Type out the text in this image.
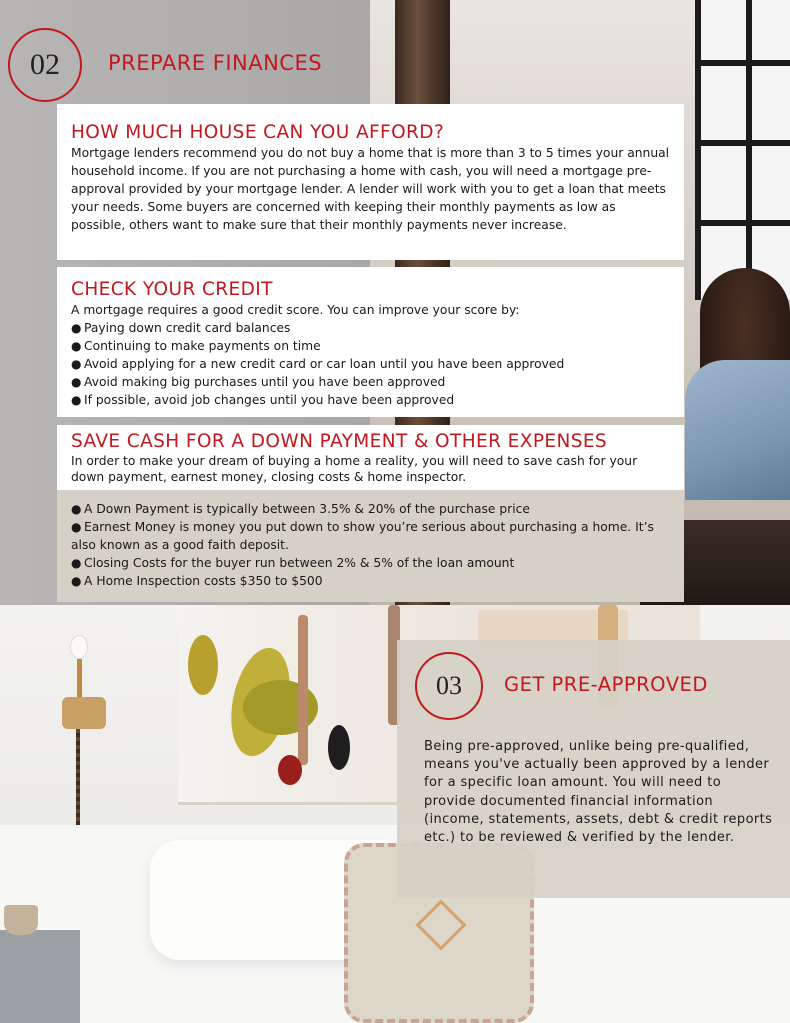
02 PREPARE FINANCES
HOW MUCH HOUSE CAN YOU AFFORD?

Mortgage lenders recommend you do not buy a home that is more than 3 to 5 times your annual household income. If you are not purchasing a home with cash, you will need a mortgage pre-approval provided by your mortgage lender. A lender will work with you to get a loan that meets your needs. Some buyers are concerned with keeping their monthly payments as low as possible, others want to make sure that their monthly payments never increase.

CHECK YOUR CREDIT

A mortgage requires a good credit score. You can improve your score by:

● Paying down credit card balances
● Continuing to make payments on time
● Avoid applying for a new credit card or car loan until you have been approved
● Avoid making big purchases until you have been approved
● If possible, avoid job changes until you have been approved
SAVE CASH FOR A DOWN PAYMENT & OTHER EXPENSES

In order to make your dream of buying a home a reality, you will need to save cash for your down payment, earnest money, closing costs & home inspector.

● A Down Payment is typically between 3.5% & 20% of the purchase price
● Earnest Money is money you put down to show you’re serious about purchasing a home. It’s also known as a good faith deposit.
● Closing Costs for the buyer run between 2% & 5% of the loan amount
● A Home Inspection costs $350 to $500
03 GET PRE-APPROVED

Being pre-approved, unlike being pre-qualified, means you've actually been approved by a lender for a specific loan amount. You will need to provide documented financial information (income, statements, assets, debt & credit reports etc.) to be reviewed & verified by the lender.
